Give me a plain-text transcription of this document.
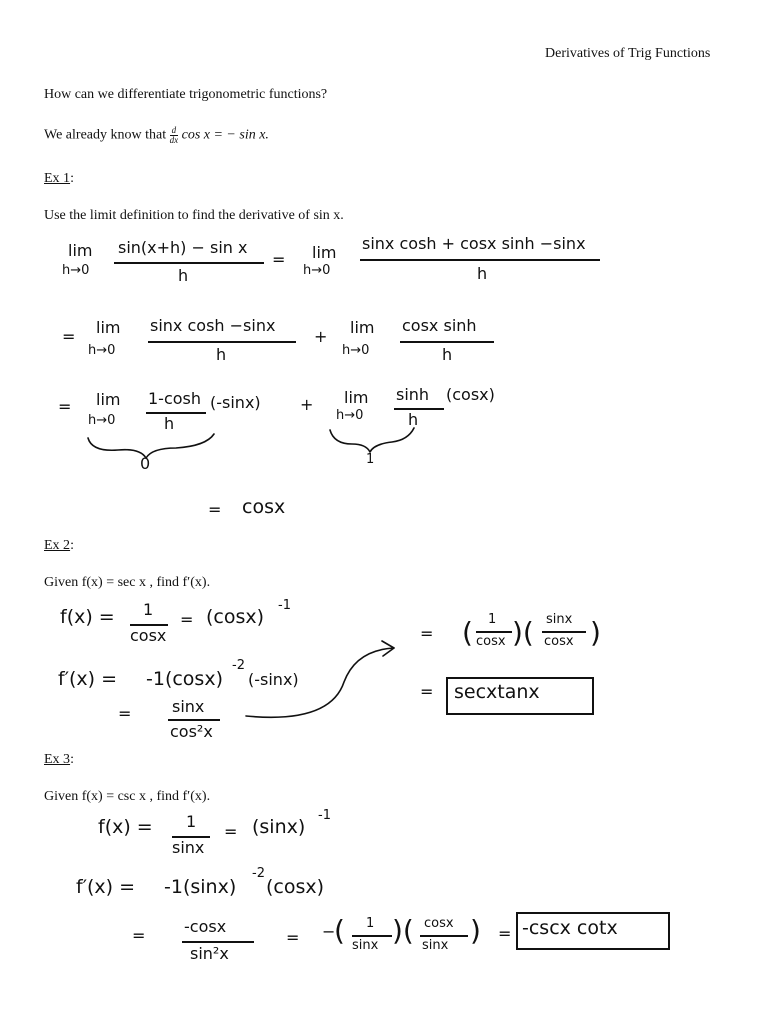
Derivatives of Trig Functions
How can we differentiate trigonometric functions?
We already know that $\frac{d}{dx}$ cos x = − sin x.
Ex 1:
Use the limit definition to find the derivative of sin x.
lim
h→0
sin(x+h) − sin x
h
= lim
h→0
sinx cosh + cosx sinh −sinx
h
= lim
h→0
sinx cosh −sinx
h
+ lim
h→0
cosx sinh
h
= lim
h→0
1-cosh
h
(-sinx) + lim
h→0
sinh
h
(cosx)
0	1
= cosx
Ex 2:
Given f(x) = sec x , find f′(x).
f(x) = 1
cosx
= (cosx)
-1
= ( 1
cosx )( sinx
cosx )
f′(x) = -1(cosx)
-2
(-sinx)
=	sinx
cos²x
= secxtanx
Ex 3:
Given f(x) = csc x , find f′(x).
f(x) = 1
sinx
= (sinx)
-1
f′(x) = -1(sinx)
-2
(cosx)
= -cosx
sin²x
= −
( 1
sinx )( cosx
sinx ) = -cscx cotx
